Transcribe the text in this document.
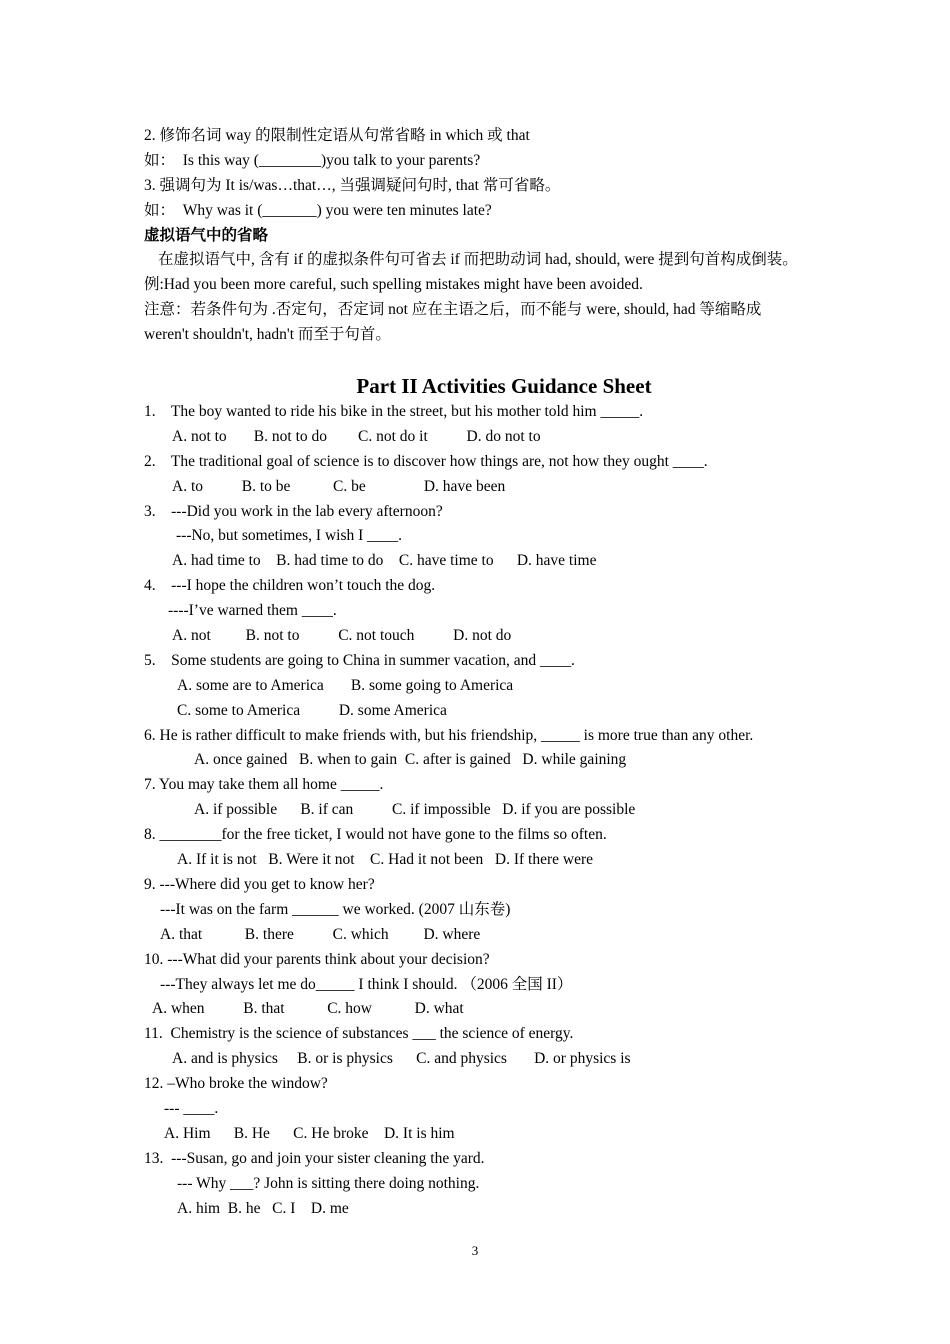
2. 修饰名词 way 的限制性定语从句常省略 in which 或 that
如：  Is this way (________)you talk to your parents?
3. 强调句为 It is/was…that…, 当强调疑问句时, that 常可省略。
如：  Why was it (_______) you were ten minutes late?
虚拟语气中的省略
在虚拟语气中, 含有 if 的虚拟条件句可省去 if 而把助动词 had, should, were 提到句首构成倒装。
例:Had you been more careful, such spelling mistakes might have been avoided.
注意：若条件句为 .否定句，否定词 not 应在主语之后，而不能与 were, should, had 等缩略成
weren't shouldn't, hadn't 而至于句首。
Part II Activities Guidance Sheet
1.    The boy wanted to ride his bike in the street, but his mother told him _____.
A. not to       B. not to do        C. not do it          D. do not to
2.    The traditional goal of science is to discover how things are, not how they ought ____.
A. to          B. to be           C. be               D. have been
3.    ---Did you work in the lab every afternoon?
---No, but sometimes, I wish I ____.
A. had time to    B. had time to do    C. have time to      D. have time
4.    ---I hope the children won’t touch the dog.
----I’ve warned them ____.
A. not         B. not to          C. not touch          D. not do
5.    Some students are going to China in summer vacation, and ____.
A. some are to America       B. some going to America
C. some to America          D. some America
6. He is rather difficult to make friends with, but his friendship, _____ is more true than any other.
A. once gained   B. when to gain  C. after is gained   D. while gaining
7. You may take them all home _____.
A. if possible      B. if can          C. if impossible   D. if you are possible
8. ________for the free ticket, I would not have gone to the films so often.
A. If it is not   B. Were it not    C. Had it not been   D. If there were
9. ---Where did you get to know her?
---It was on the farm ______ we worked. (2007 山东卷)
A. that           B. there          C. which         D. where
10. ---What did your parents think about your decision?
---They always let me do_____ I think I should. （2006 全国 II）
A. when          B. that           C. how           D. what
11.  Chemistry is the science of substances ___ the science of energy.
A. and is physics     B. or is physics      C. and physics       D. or physics is
12. –Who broke the window?
--- ____.
A. Him      B. He      C. He broke    D. It is him
13.  ---Susan, go and join your sister cleaning the yard.
--- Why ___? John is sitting there doing nothing.
A. him  B. he   C. I    D. me
3
